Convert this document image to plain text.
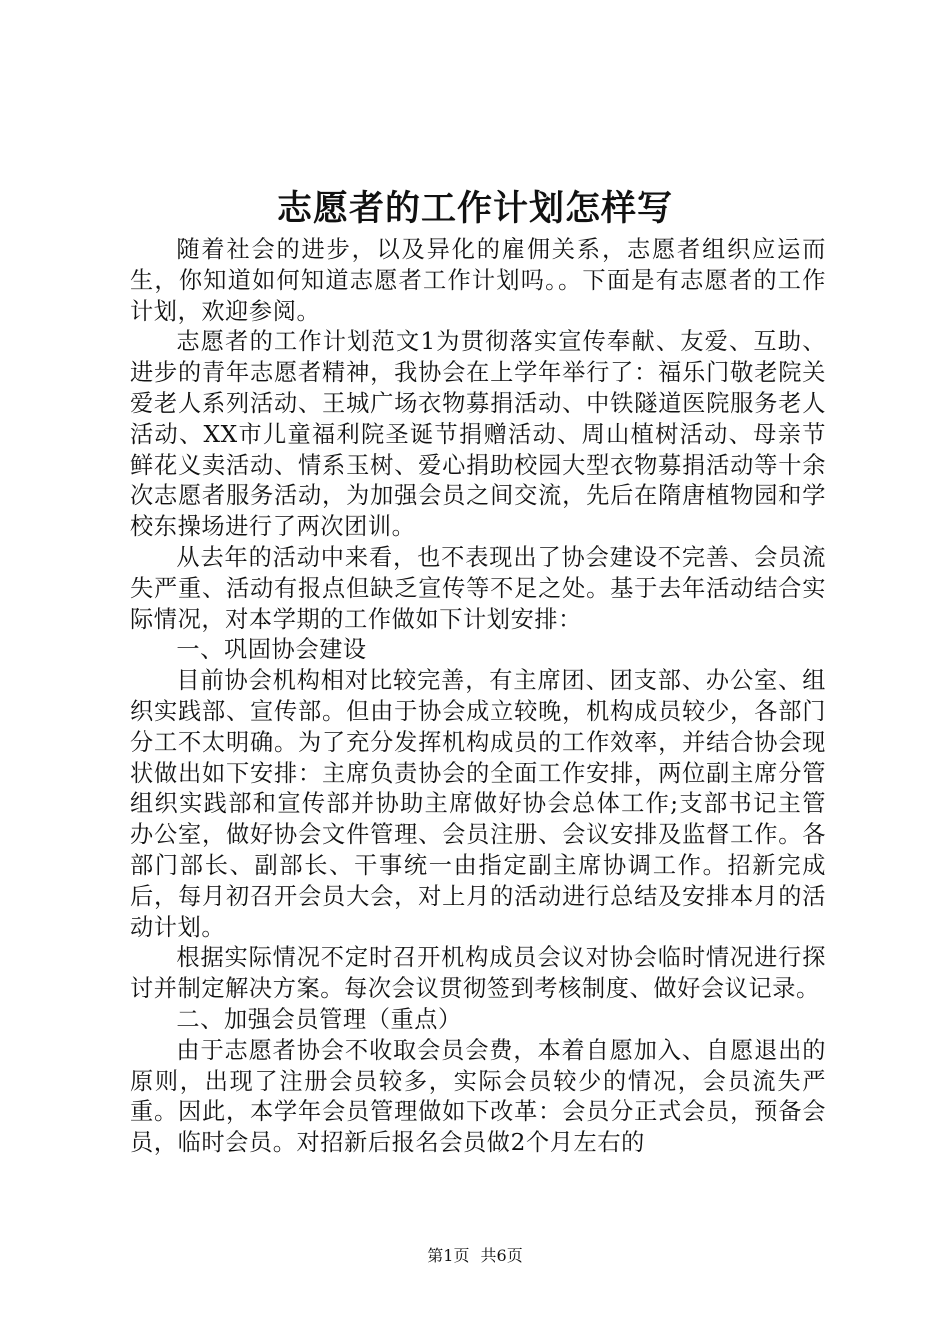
志愿者的工作计划怎样写

随着社会的进步，以及异化的雇佣关系，志愿者组织应运而生，你知道如何知道志愿者工作计划吗。。下面是有志愿者的工作计划，欢迎参阅。

志愿者的工作计划范文1为贯彻落实宣传奉献、友爱、互助、进步的青年志愿者精神，我协会在上学年举行了：福乐门敬老院关爱老人系列活动、王城广场衣物募捐活动、中铁隧道医院服务老人活动、XX市儿童福利院圣诞节捐赠活动、周山植树活动、母亲节鲜花义卖活动、情系玉树、爱心捐助校园大型衣物募捐活动等十余次志愿者服务活动，为加强会员之间交流，先后在隋唐植物园和学校东操场进行了两次团训。

从去年的活动中来看，也不表现出了协会建设不完善、会员流失严重、活动有报点但缺乏宣传等不足之处。基于去年活动结合实际情况，对本学期的工作做如下计划安排：

一、巩固协会建设

目前协会机构相对比较完善，有主席团、团支部、办公室、组织实践部、宣传部。但由于协会成立较晚，机构成员较少，各部门分工不太明确。为了充分发挥机构成员的工作效率，并结合协会现状做出如下安排：主席负责协会的全面工作安排，两位副主席分管组织实践部和宣传部并协助主席做好协会总体工作;支部书记主管办公室，做好协会文件管理、会员注册、会议安排及监督工作。各部门部长、副部长、干事统一由指定副主席协调工作。招新完成后，每月初召开会员大会，对上月的活动进行总结及安排本月的活动计划。

根据实际情况不定时召开机构成员会议对协会临时情况进行探讨并制定解决方案。每次会议贯彻签到考核制度、做好会议记录。

二、加强会员管理（重点）

由于志愿者协会不收取会员会费，本着自愿加入、自愿退出的原则，出现了注册会员较多，实际会员较少的情况，会员流失严重。因此，本学年会员管理做如下改革：会员分正式会员，预备会员，临时会员。对招新后报名会员做2个月左右的

第1页 共6页
